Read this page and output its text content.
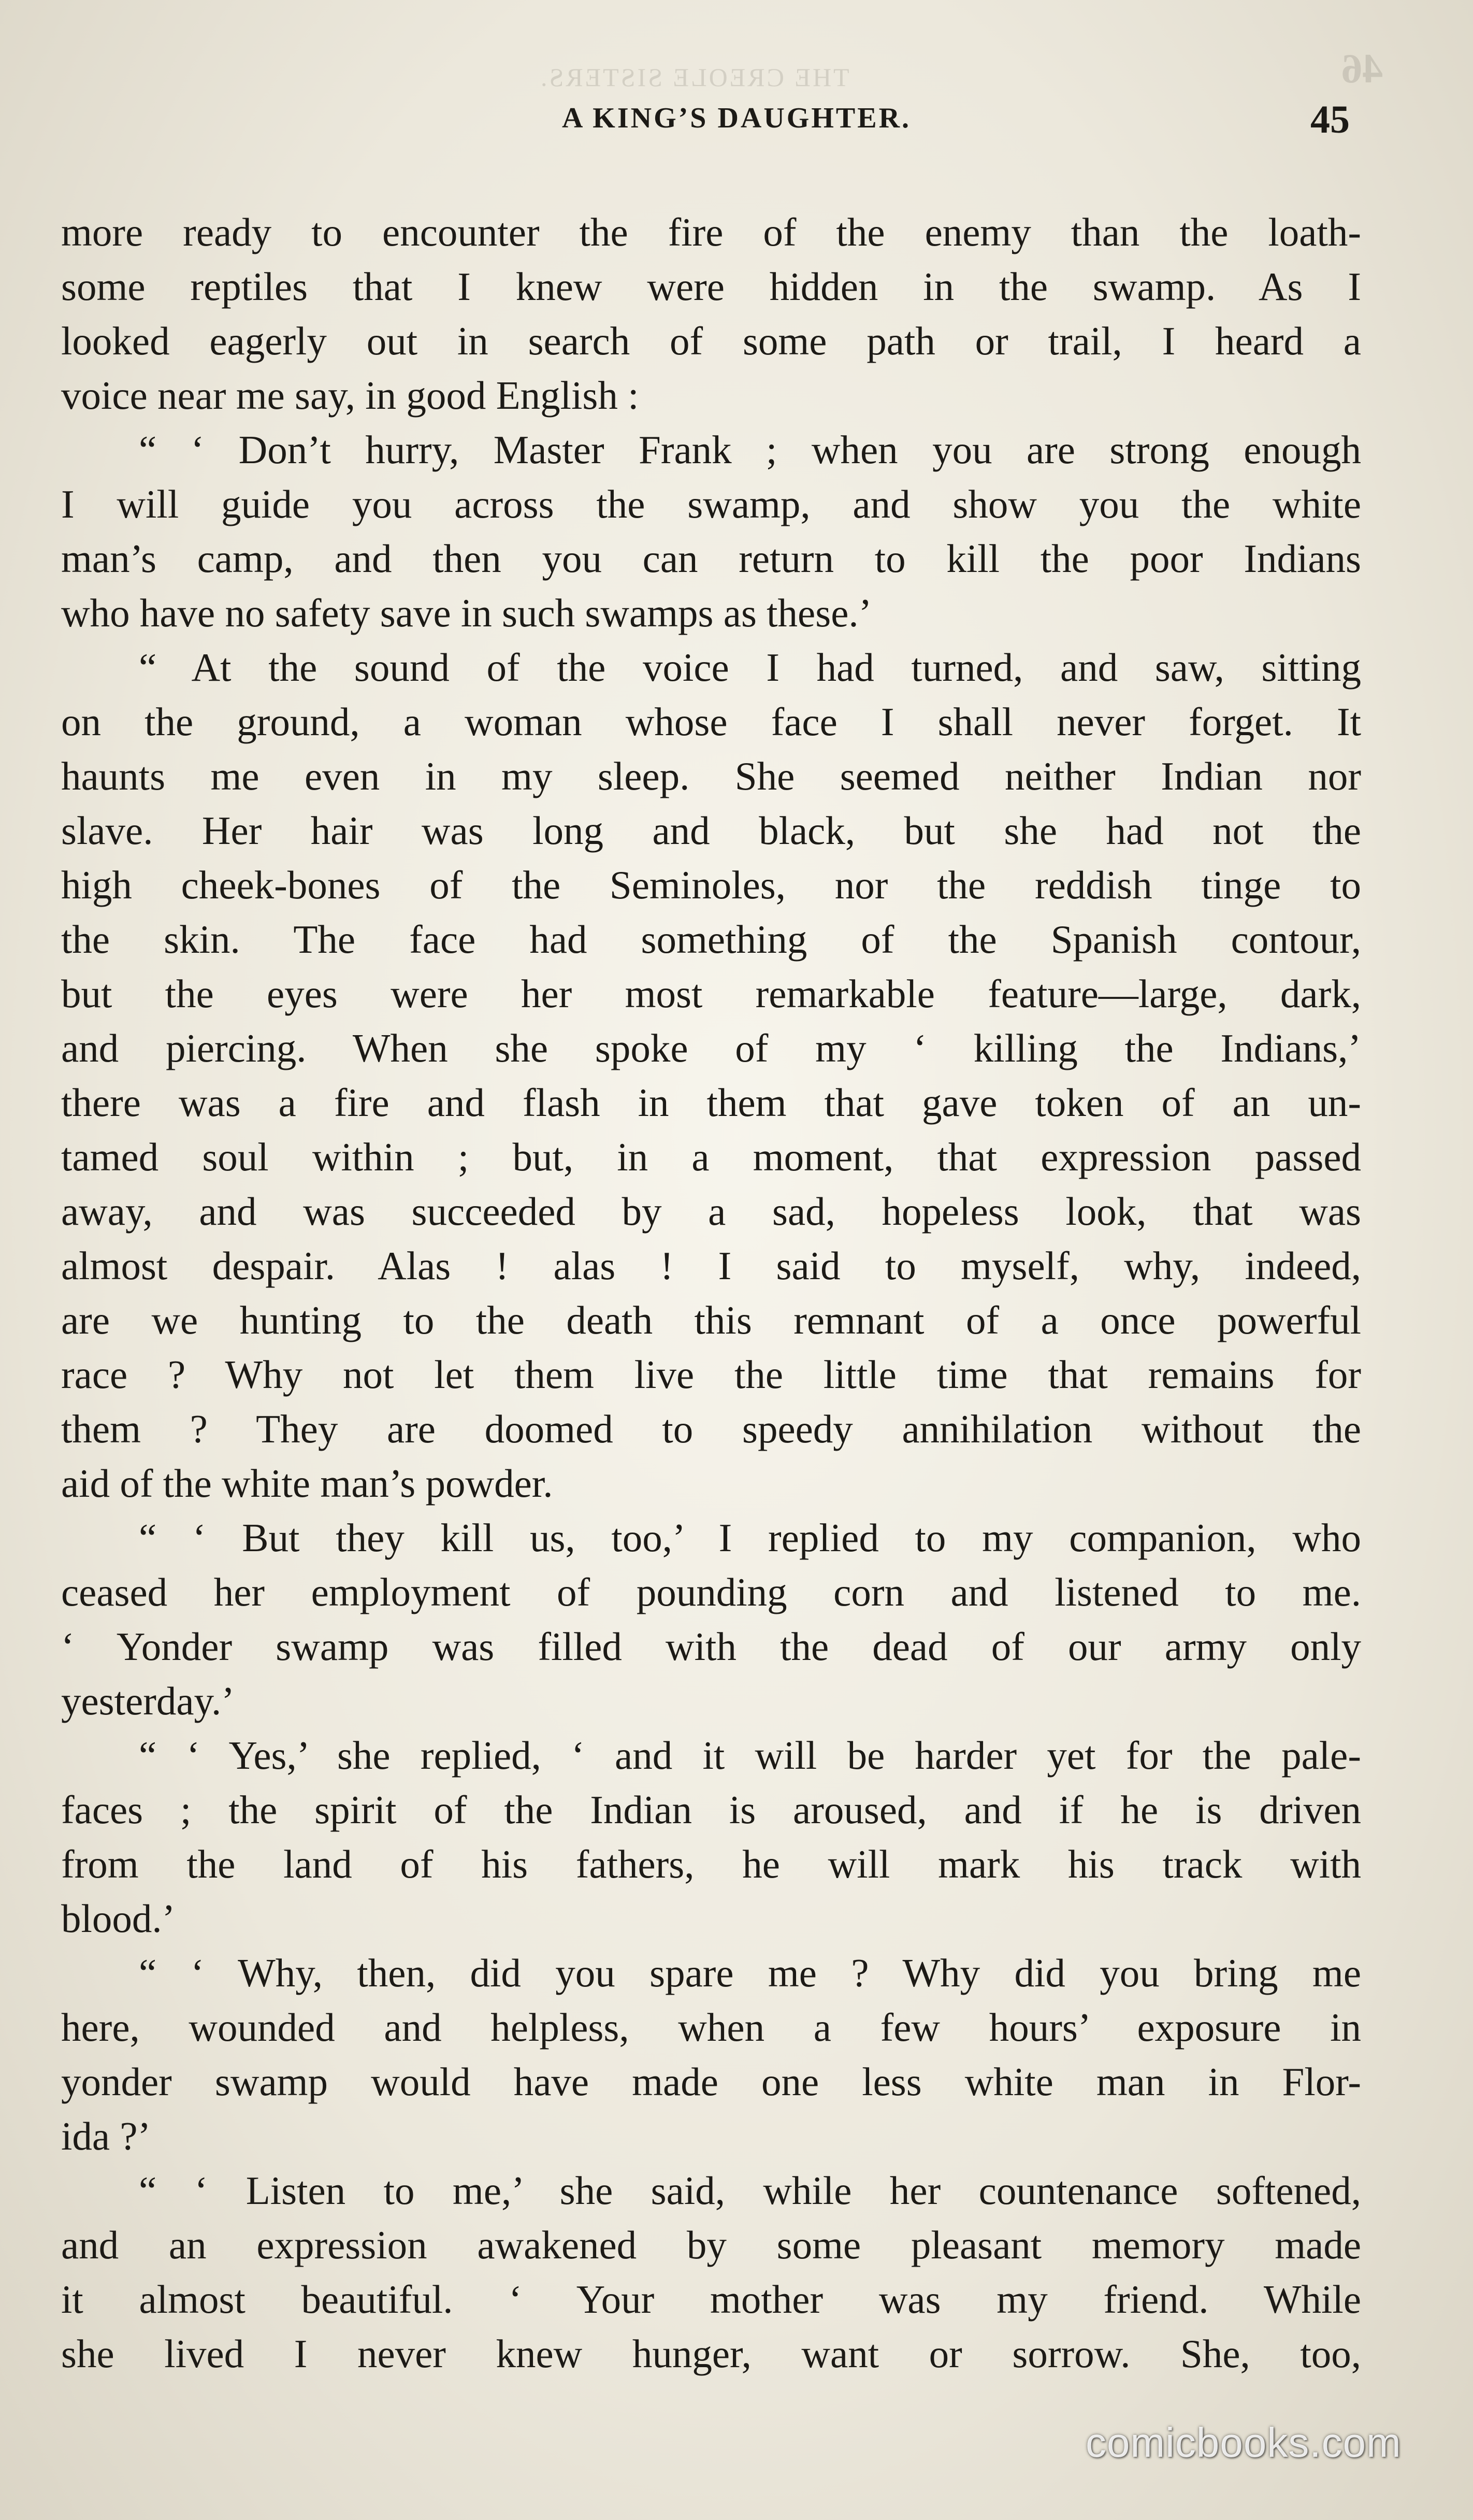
THE CREOLE SISTERS.	46
A KING’S DAUGHTER.	45
more ready to encounter the fire of the enemy than the loath-
some reptiles that I knew were hidden in the swamp. As I
looked eagerly out in search of some path or trail, I heard a
voice near me say, in good English :
“ ‘ Don’t hurry, Master Frank ; when you are strong enough
I will guide you across the swamp, and show you the white
man’s camp, and then you can return to kill the poor Indians
who have no safety save in such swamps as these.’
“ At the sound of the voice I had turned, and saw, sitting
on the ground, a woman whose face I shall never forget. It
haunts me even in my sleep. She seemed neither Indian nor
slave. Her hair was long and black, but she had not the
high cheek-bones of the Seminoles, nor the reddish tinge to
the skin. The face had something of the Spanish contour,
but the eyes were her most remarkable feature—large, dark,
and piercing. When she spoke of my ‘ killing the Indians,’
there was a fire and flash in them that gave token of an un-
tamed soul within ; but, in a moment, that expression passed
away, and was succeeded by a sad, hopeless look, that was
almost despair. Alas ! alas ! I said to myself, why, indeed,
are we hunting to the death this remnant of a once powerful
race ? Why not let them live the little time that remains for
them ? They are doomed to speedy annihilation without the
aid of the white man’s powder.
“ ‘ But they kill us, too,’ I replied to my companion, who
ceased her employment of pounding corn and listened to me.
‘ Yonder swamp was filled with the dead of our army only
yesterday.’
“ ‘ Yes,’ she replied, ‘ and it will be harder yet for the pale-
faces ; the spirit of the Indian is aroused, and if he is driven
from the land of his fathers, he will mark his track with
blood.’
“ ‘ Why, then, did you spare me ? Why did you bring me
here, wounded and helpless, when a few hours’ exposure in
yonder swamp would have made one less white man in Flor-
ida ?’
“ ‘ Listen to me,’ she said, while her countenance softened,
and an expression awakened by some pleasant memory made
it almost beautiful. ‘ Your mother was my friend. While
she lived I never knew hunger, want or sorrow. She, too,
comicbooks.com
